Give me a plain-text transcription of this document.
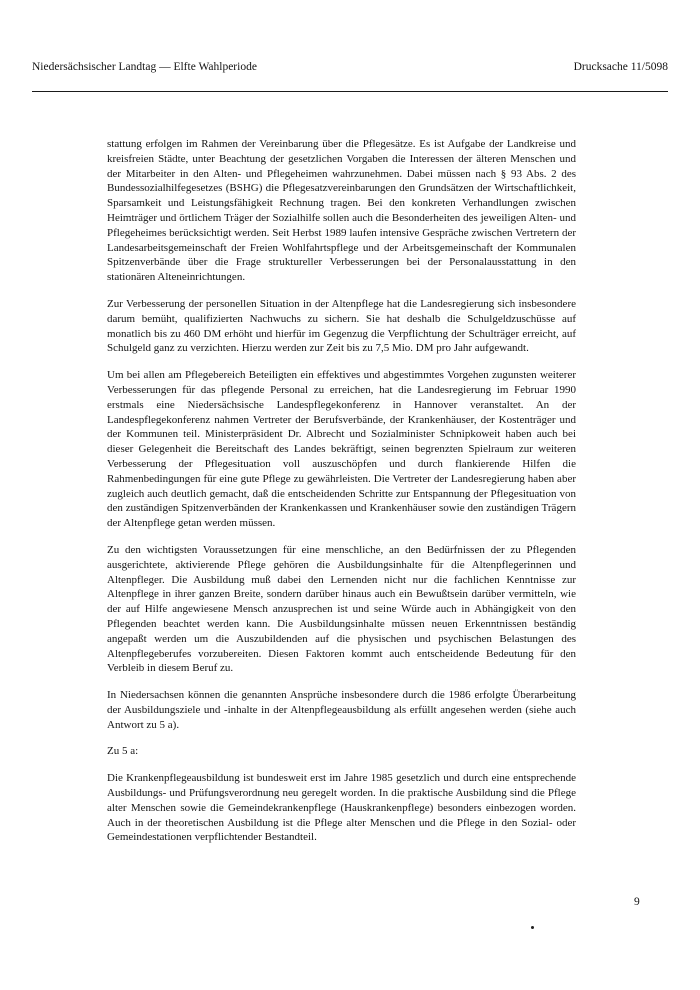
Niedersächsischer Landtag — Elfte Wahlperiode	Drucksache 11/5098

stattung erfolgen im Rahmen der Vereinbarung über die Pflegesätze. Es ist Aufgabe der Landkreise und kreisfreien Städte, unter Beachtung der gesetzlichen Vorgaben die Interessen der älteren Menschen und der Mitarbeiter in den Alten- und Pflegeheimen wahrzunehmen. Dabei müssen nach § 93 Abs. 2 des Bundessozialhilfegesetzes (BSHG) die Pflegesatzvereinbarungen den Grundsätzen der Wirtschaftlichkeit, Sparsamkeit und Leistungsfähigkeit Rechnung tragen. Bei den konkreten Verhandlungen zwischen Heimträger und örtlichem Träger der Sozialhilfe sollen auch die Besonderheiten des jeweiligen Alten- und Pflegeheimes berücksichtigt werden. Seit Herbst 1989 laufen intensive Gespräche zwischen Vertretern der Landesarbeitsgemeinschaft der Freien Wohlfahrtspflege und der Arbeitsgemeinschaft der Kommunalen Spitzenverbände über die Frage struktureller Verbesserungen bei der Personalausstattung in den stationären Alteneinrichtungen.

Zur Verbesserung der personellen Situation in der Altenpflege hat die Landesregierung sich insbesondere darum bemüht, qualifizierten Nachwuchs zu sichern. Sie hat deshalb die Schulgeldzuschüsse auf monatlich bis zu 460 DM erhöht und hierfür im Gegenzug die Verpflichtung der Schulträger erreicht, auf Schulgeld ganz zu verzichten. Hierzu werden zur Zeit bis zu 7,5 Mio. DM pro Jahr aufgewandt.

Um bei allen am Pflegebereich Beteiligten ein effektives und abgestimmtes Vorgehen zugunsten weiterer Verbesserungen für das pflegende Personal zu erreichen, hat die Landesregierung im Februar 1990 erstmals eine Niedersächsische Landespflegekonferenz in Hannover veranstaltet. An der Landespflegekonferenz nahmen Vertreter der Berufsverbände, der Krankenhäuser, der Kostenträger und der Kommunen teil. Ministerpräsident Dr. Albrecht und Sozialminister Schnipkoweit haben auch bei dieser Gelegenheit die Bereitschaft des Landes bekräftigt, seinen begrenzten Spielraum zur weiteren Verbesserung der Pflegesituation voll auszuschöpfen und durch flankierende Hilfen die Rahmenbedingungen für eine gute Pflege zu gewährleisten. Die Vertreter der Landesregierung haben aber zugleich auch deutlich gemacht, daß die entscheidenden Schritte zur Entspannung der Pflegesituation von den zuständigen Spitzenverbänden der Krankenkassen und Krankenhäuser sowie den zuständigen Trägern der Altenpflege getan werden müssen.

Zu den wichtigsten Voraussetzungen für eine menschliche, an den Bedürfnissen der zu Pflegenden ausgerichtete, aktivierende Pflege gehören die Ausbildungsinhalte für die Altenpflegerinnen und Altenpfleger. Die Ausbildung muß dabei den Lernenden nicht nur die fachlichen Kenntnisse zur Altenpflege in ihrer ganzen Breite, sondern darüber hinaus auch ein Bewußtsein darüber vermitteln, wie der auf Hilfe angewiesene Mensch anzusprechen ist und seine Würde auch in Abhängigkeit von den Pflegenden beachtet werden kann. Die Ausbildungsinhalte müssen neuen Erkenntnissen beständig angepaßt werden um die Auszubildenden auf die physischen und psychischen Belastungen des Altenpflegeberufes vorzubereiten. Diesen Faktoren kommt auch entscheidende Bedeutung für den Verbleib in diesem Beruf zu.

In Niedersachsen können die genannten Ansprüche insbesondere durch die 1986 erfolgte Überarbeitung der Ausbildungsziele und -inhalte in der Altenpflegeausbildung als erfüllt angesehen werden (siehe auch Antwort zu 5 a).

Zu 5 a:

Die Krankenpflegeausbildung ist bundesweit erst im Jahre 1985 gesetzlich und durch eine entsprechende Ausbildungs- und Prüfungsverordnung neu geregelt worden. In die praktische Ausbildung sind die Pflege alter Menschen sowie die Gemeindekrankenpflege (Hauskrankenpflege) besonders einbezogen worden. Auch in der theoretischen Ausbildung ist die Pflege alter Menschen und die Pflege in den Sozial- oder Gemeindestationen verpflichtender Bestandteil.

9
